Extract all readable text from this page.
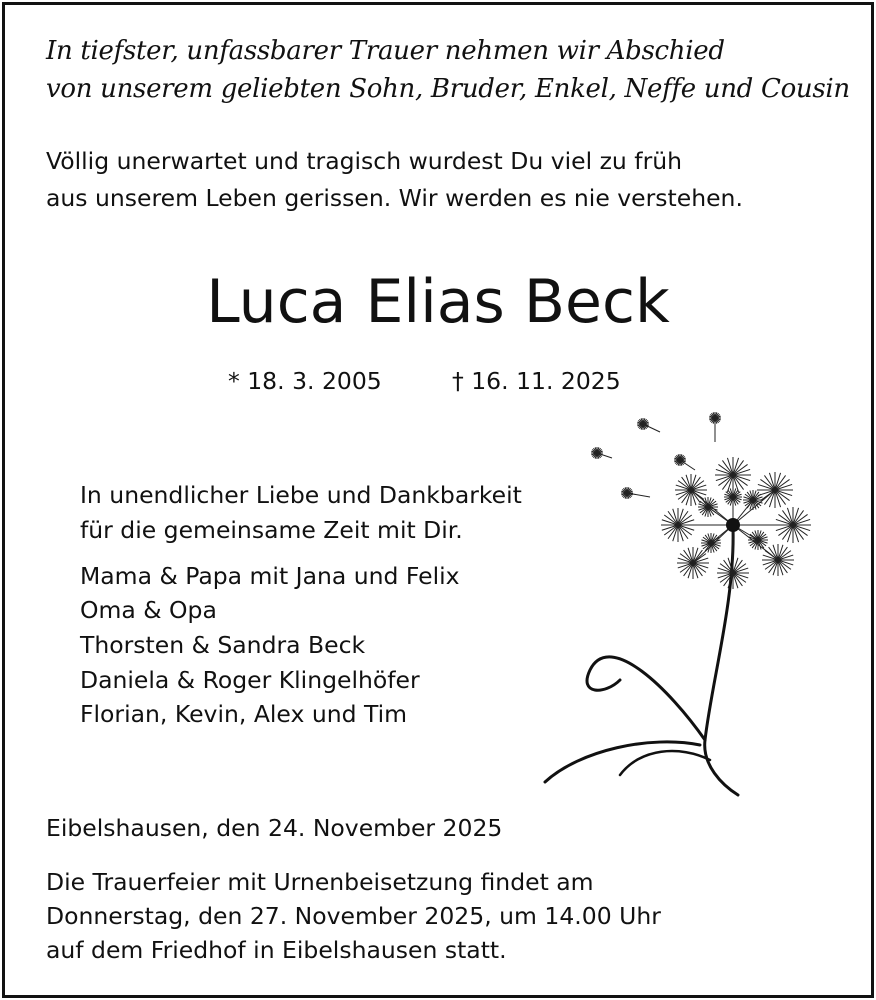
In tiefster, unfassbarer Trauer nehmen wir Abschied
von unserem geliebten Sohn, Bruder, Enkel, Neffe und Cousin
Völlig unerwartet und tragisch wurdest Du viel zu früh
aus unserem Leben gerissen. Wir werden es nie verstehen.
Luca Elias Beck
* 18. 3. 2005	† 16. 11. 2025
In unendlicher Liebe und Dankbarkeit
für die gemeinsame Zeit mit Dir.
Mama & Papa mit Jana und Felix
Oma & Opa
Thorsten & Sandra Beck
Daniela & Roger Klingelhöfer
Florian, Kevin, Alex und Tim
Eibelshausen, den 24. November 2025
Die Trauerfeier mit Urnenbeisetzung findet am
Donnerstag, den 27. November 2025, um 14.00 Uhr
auf dem Friedhof in Eibelshausen statt.
